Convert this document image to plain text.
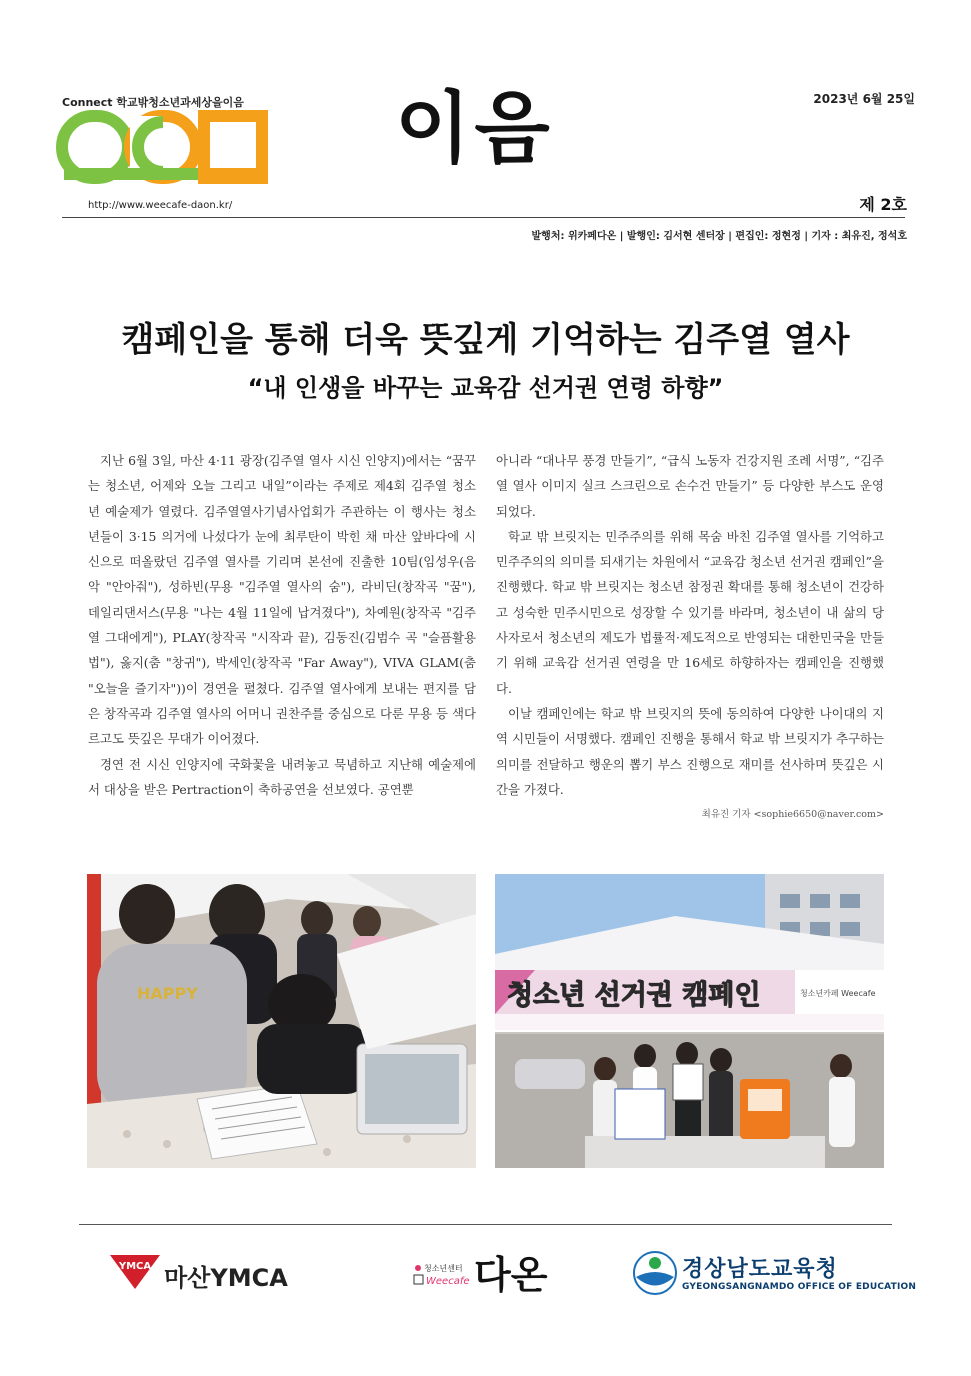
Connect 학교밖청소년과세상을이음
http://www.weecafe-daon.kr/
이음	2023년 6월 25일
제 2호
발행처: 위카페다온 | 발행인: 김서현 센터장 | 편집인: 정현정 | 기자 : 최유진, 정석호
캠페인을 통해 더욱 뜻깊게 기억하는 김주열 열사
“내 인생을 바꾸는 교육감 선거권 연령 하향”

지난 6월 3일, 마산 4·11 광장(김주열 열사 시신 인양지)에서는 “꿈꾸는 청소년, 어제와 오늘 그리고 내일”이라는 주제로 제4회 김주열 청소년 예술제가 열렸다. 김주열열사기념사업회가 주관하는 이 행사는 청소년들이 3·15 의거에 나섰다가 눈에 최루탄이 박힌 채 마산 앞바다에 시신으로 떠올랐던 김주열 열사를 기리며 본선에 진출한 10팀(임성우(음악 "안아줘"), 성하빈(무용 "김주열 열사의 숨"), 라비딘(창작곡 "꿈"), 데일리댄서스(무용 "나는 4월 11일에 납겨졌다"), 차예원(창작곡 "김주열 그대에게"), PLAY(창작곡 "시작과 끝), 김동진(김범수 곡 "슬픔활용법"), 옳지(춤 "창귀"), 박세인(창작곡 "Far Away"), VIVA GLAM(춤 "오늘을 즐기자"))이 경연을 펼쳤다. 김주열 열사에게 보내는 편지를 담은 창작곡과 김주열 열사의 어머니 권찬주를 중심으로 다룬 무용 등 색다르고도 뜻깊은 무대가 이어졌다.

경연 전 시신 인양지에 국화꽃을 내려놓고 묵념하고 지난해 예술제에서 대상을 받은 Pertraction이 축하공연을 선보였다. 공연뿐

아니라 “대나무 풍경 만들기”, “급식 노동자 건강지원 조례 서명”, “김주열 열사 이미지 실크 스크린으로 손수건 만들기” 등 다양한 부스도 운영되었다.

학교 밖 브릿지는 민주주의를 위해 목숨 바친 김주열 열사를 기억하고 민주주의의 의미를 되새기는 차원에서 “교육감 청소년 선거권 캠페인”을 진행했다. 학교 밖 브릿지는 청소년 참정권 확대를 통해 청소년이 건강하고 성숙한 민주시민으로 성장할 수 있기를 바라며, 청소년이 내 삶의 당사자로서 청소년의 제도가 법률적·제도적으로 반영되는 대한민국을 만들기 위해 교육감 선거권 연령을 만 16세로 하향하자는 캠페인을 진행했다.

이날 캠페인에는 학교 밖 브릿지의 뜻에 동의하여 다양한 나이대의 지역 시민들이 서명했다. 캠페인 진행을 통해서 학교 밖 브릿지가 추구하는 의미를 전달하고 행운의 뽑기 부스 진행으로 재미를 선사하며 뜻깊은 시간을 가졌다.

최유진 기자 <sophie6650@naver.com>
HAPPY	청소년 선거권 캠페인	청소년카페 Weecafe
YMCA 마산YMCA	청소년센터
Weecafe 다온	경상남도교육청
GYEONGSANGNAMDO OFFICE OF EDUCATION
